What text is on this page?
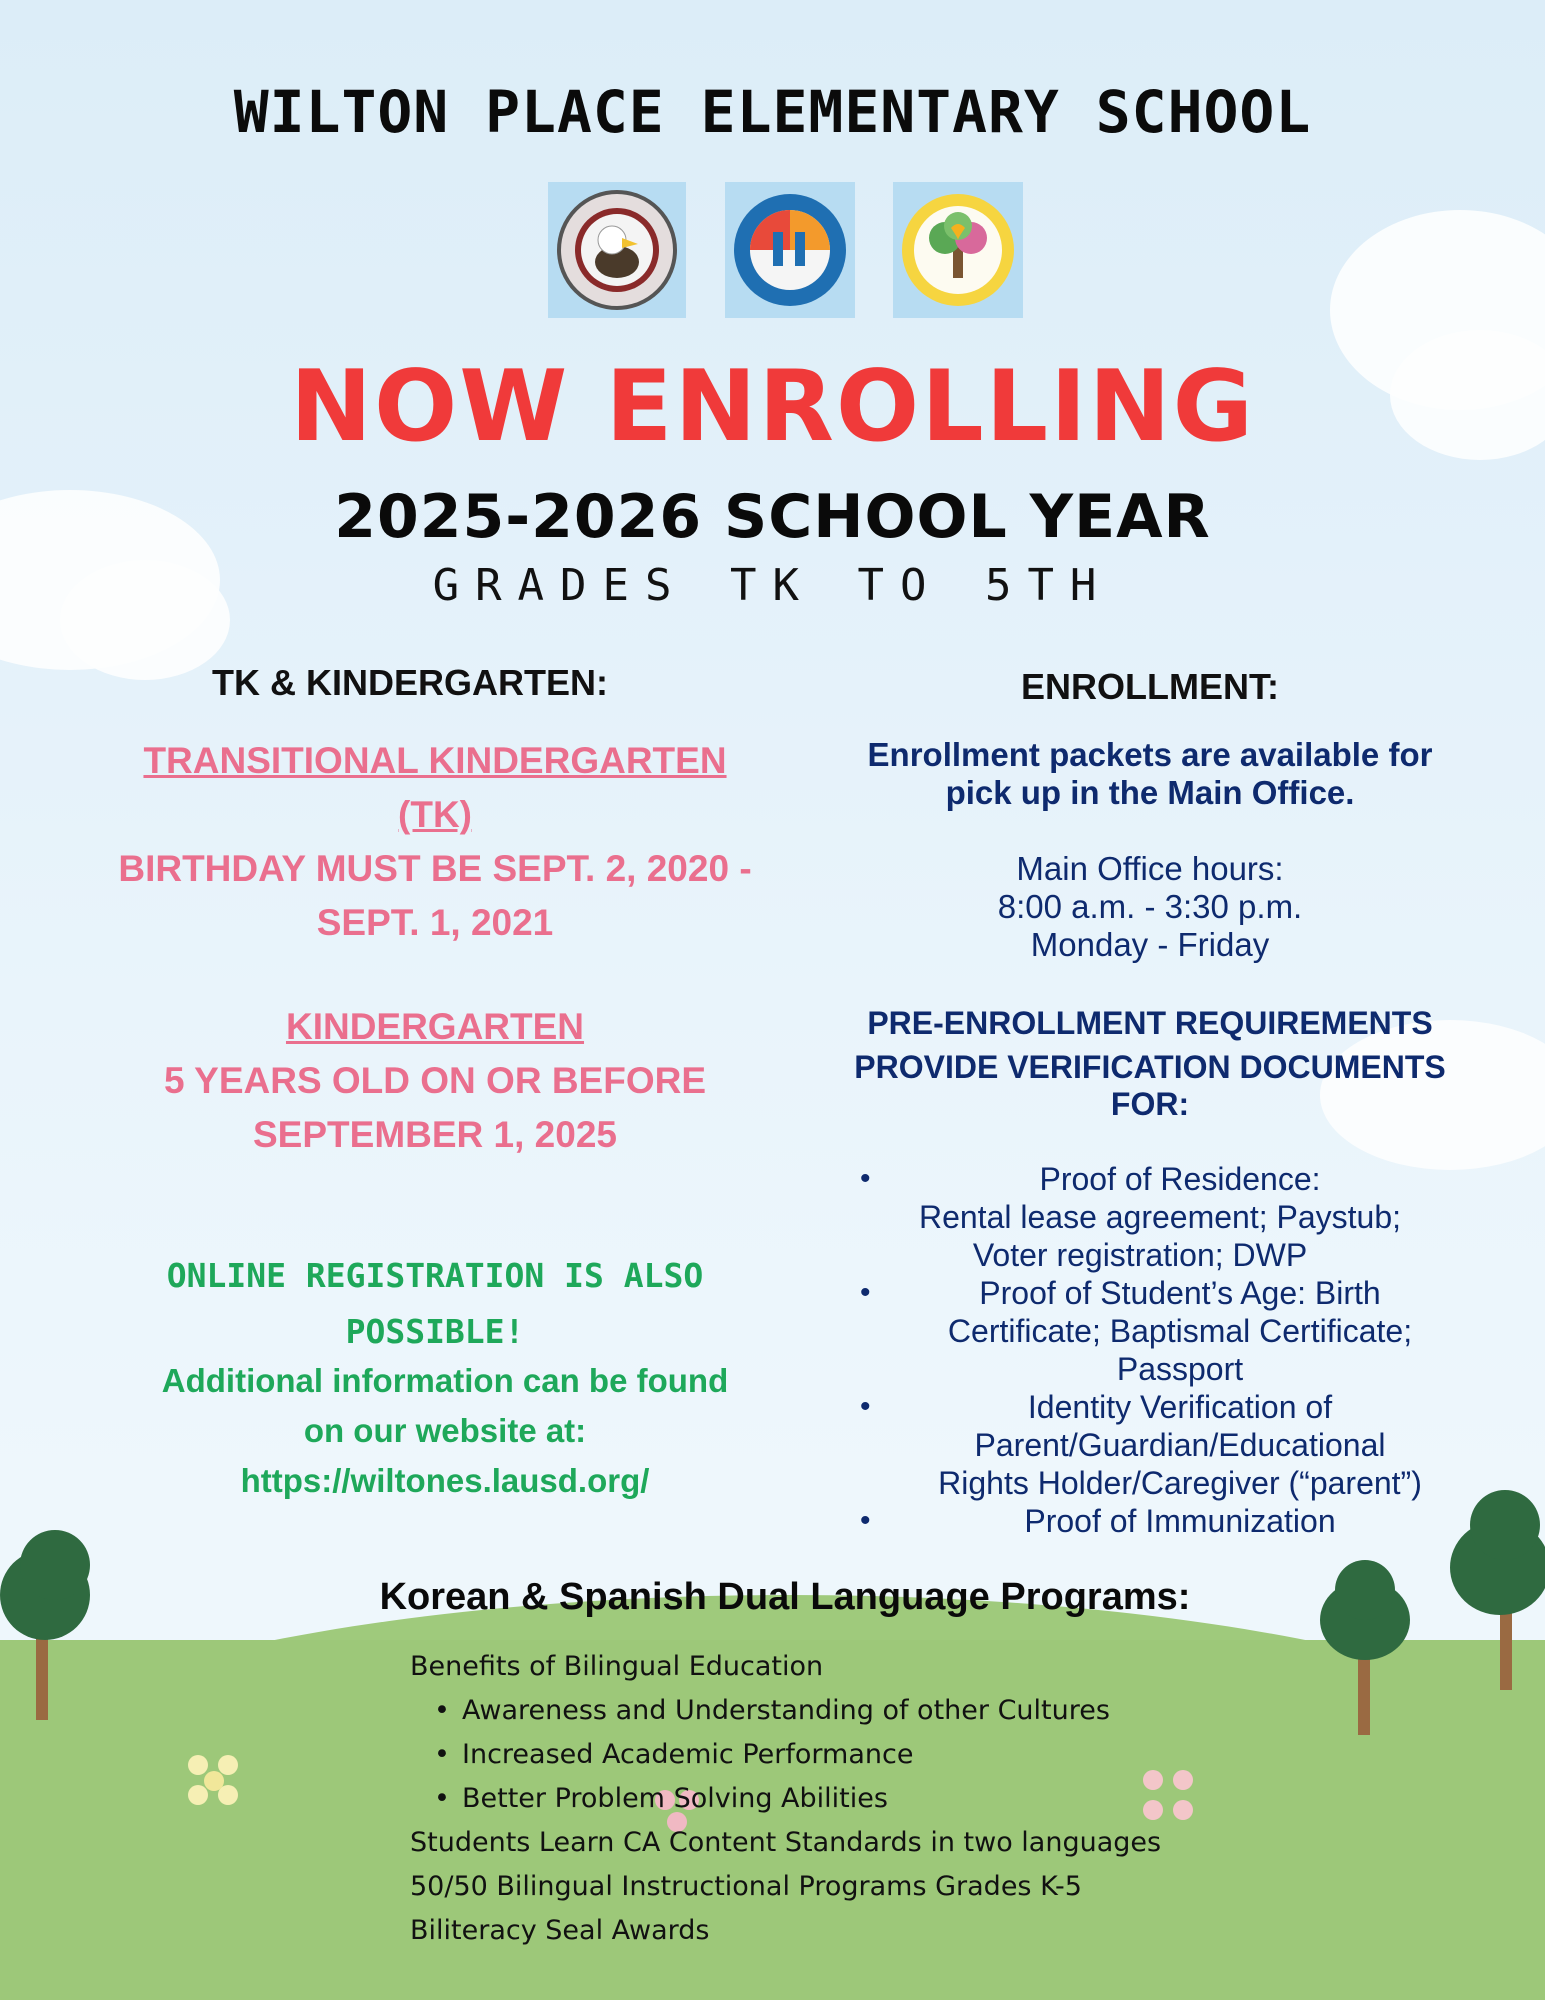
WILTON PLACE ELEMENTARY SCHOOL
NOW ENROLLING
2025-2026 SCHOOL YEAR
GRADES TK TO 5TH
TK & KINDERGARTEN:
TRANSITIONAL KINDERGARTEN
(TK)
BIRTHDAY MUST BE SEPT. 2, 2020 -
SEPT. 1, 2021
KINDERGARTEN
5 YEARS OLD ON OR BEFORE
SEPTEMBER 1, 2025
ONLINE REGISTRATION IS ALSO
POSSIBLE!
Additional information can be found
on our website at:
https://wiltones.lausd.org/
ENROLLMENT:
Enrollment packets are available for
pick up in the Main Office.
Main Office hours:
8:00 a.m. - 3:30 p.m.
Monday - Friday
PRE-ENROLLMENT REQUIREMENTS
PROVIDE VERIFICATION DOCUMENTS
FOR:
•	Proof of Residence:
Rental lease agreement; Paystub;
Voter registration; DWP
•	Proof of Student’s Age: Birth
Certificate; Baptismal Certificate;
Passport
•	Identity Verification of
Parent/Guardian/Educational
Rights Holder/Caregiver (“parent”)
•	Proof of Immunization
Korean & Spanish Dual Language Programs:
Benefits of Bilingual Education
• Awareness and Understanding of other Cultures
• Increased Academic Performance
• Better Problem Solving Abilities
Students Learn CA Content Standards in two languages
50/50 Bilingual Instructional Programs Grades K-5
Biliteracy Seal Awards
